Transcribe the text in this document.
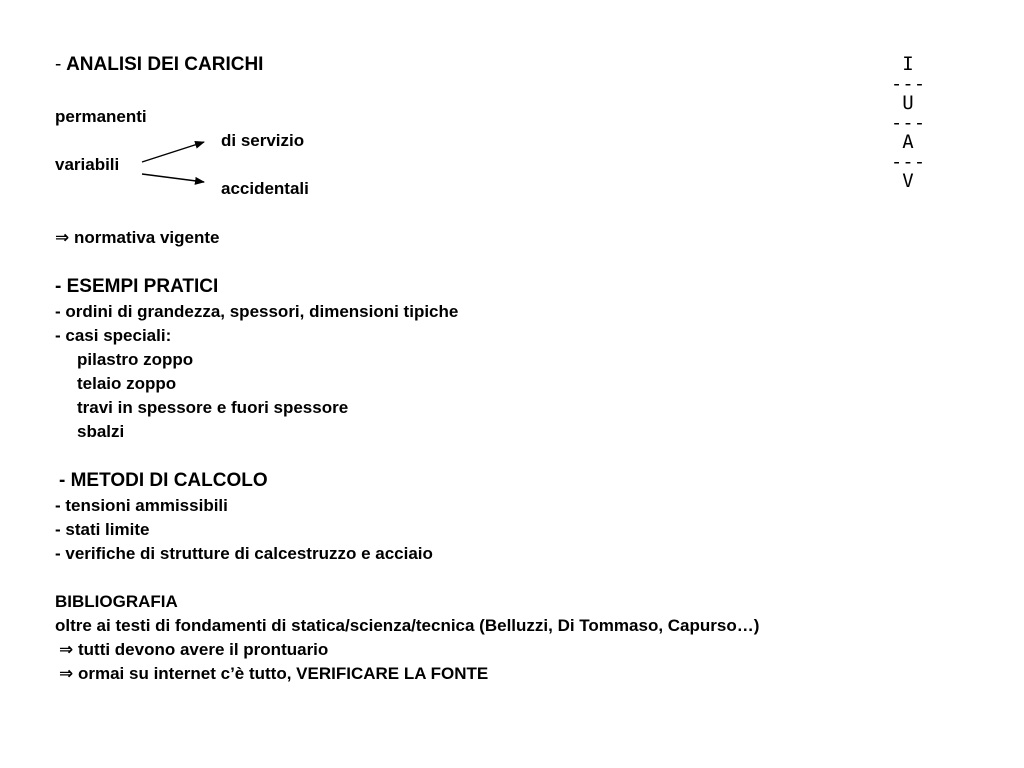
- ANALISI DEI CARICHI
permanenti
di servizio
variabili
accidentali
⇒ normativa vigente
- ESEMPI PRATICI
- ordini di grandezza, spessori, dimensioni tipiche
- casi speciali:
pilastro zoppo
telaio zoppo
travi in spessore e fuori spessore
sbalzi
- METODI DI CALCOLO
- tensioni ammissibili
- stati limite
- verifiche di strutture di calcestruzzo e acciaio
BIBLIOGRAFIA
oltre ai testi di fondamenti di statica/scienza/tecnica (Belluzzi, Di Tommaso, Capurso…)
⇒ tutti devono avere il prontuario
⇒ ormai su internet c’è tutto, VERIFICARE LA FONTE
I
---
U
---
A
---
V
